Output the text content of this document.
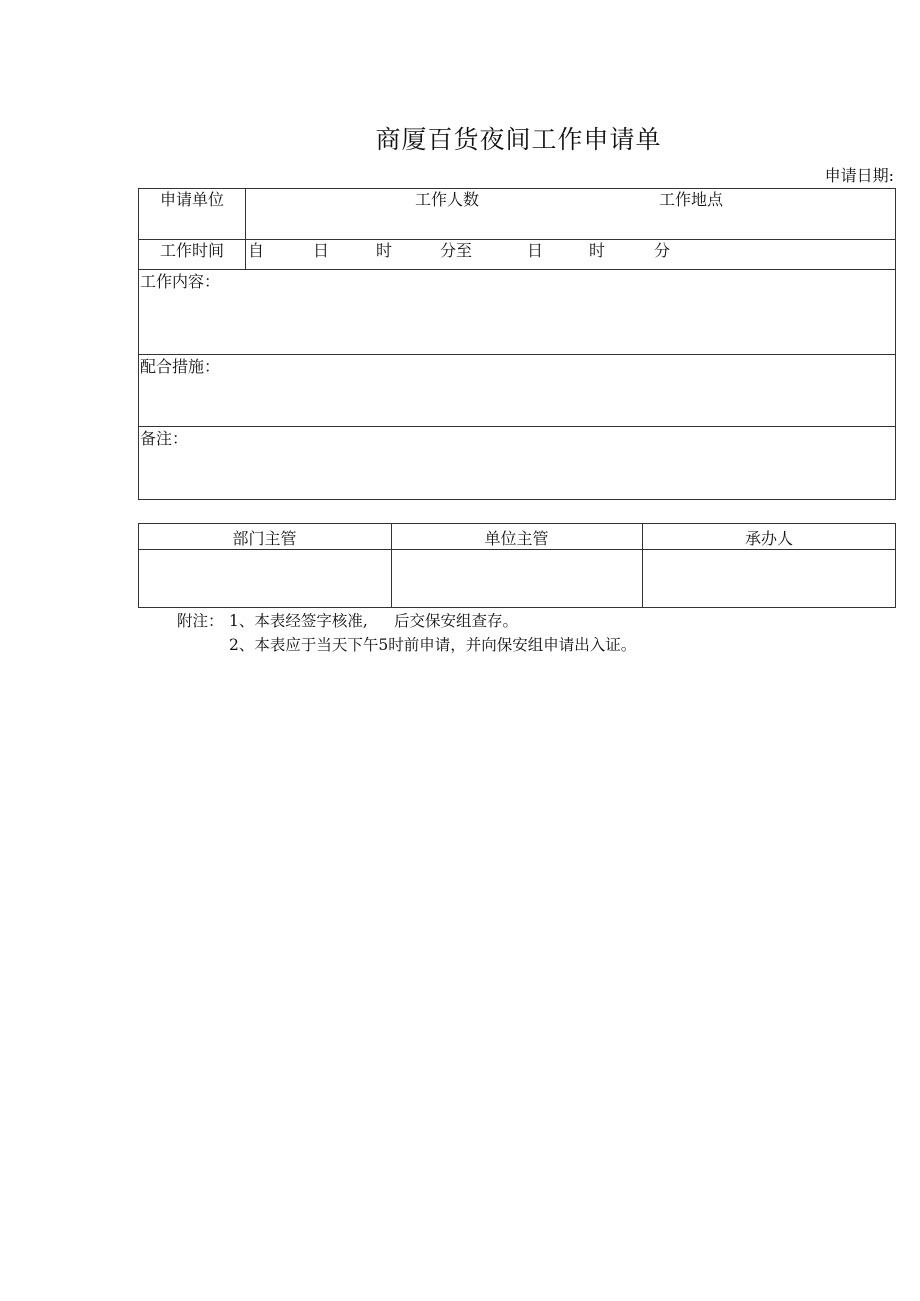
商厦百货夜间工作申请单
申请日期:
申请单位	工作人数	工作地点
工作时间 自	日	时	分至	日	时	分
工作内容：
配合措施：
备注：
部门主管	单位主管	承办人
附注： 1、本表经签字核准, 后交保安组查存。
2、本表应于当天下午5时前申请，并向保安组申请出入证。
